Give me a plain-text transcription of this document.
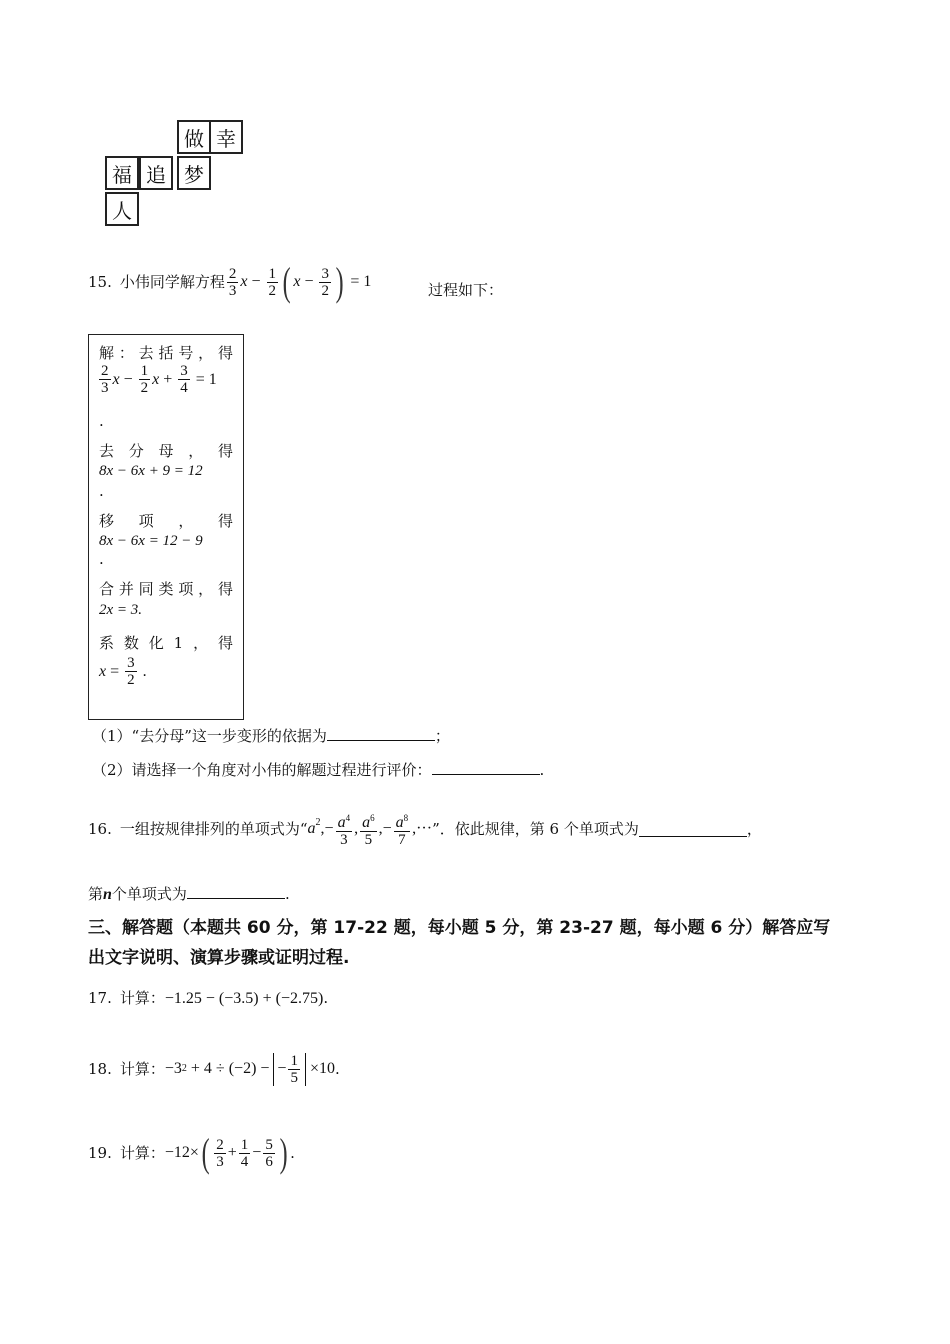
做 幸
福 追 梦
人
15. 小伟同学解方程 $\frac{2}{3}$ $x - \frac{1}{2}$ ( $x - \frac{3}{2}$ ) = 1	过程如下：
解 ： 去 括 号 ， 得
$\frac{2}{3}$ $x - \frac{1}{2}$ $x + \frac{3}{4} = 1$
.
去 分 母 ， 得
8x − 6x + 9 = 12
.
移 项 ， 得
8x − 6x = 12 − 9
.
合 并 同 类 项 ， 得
2x = 3.
系 数 化 1 ， 得
$x = \frac{3}{2}$ .
（1）“去分母”这一步变形的依据为	；
（2）请选择一个角度对小伟的解题过程进行评价：	.
16. 一组按规律排列的单项式为“ $a^2$ ,− $\frac{a^4}{3}$ , $\frac{a^6}{5}$ ,− $\frac{a^8}{7}$ ,··· ”．依此规律，第 6 个单项式为	，
第n个单项式为	.
三、解答题（本题共 60 分，第 17-22 题，每小题 5 分，第 23-27 题，每小题 6 分）解答应写
出文字说明、演算步骤或证明过程.
17. 计算：−1.25 − (−3.5) + (−2.75).
18. 计算： −3 2 + 4 ÷ (−2) − − $\frac{1}{5} \times 10$ .
19. 计算： −12× ( $\frac{2}{3} + \frac{1}{4} - \frac{5}{6}$ ) .
